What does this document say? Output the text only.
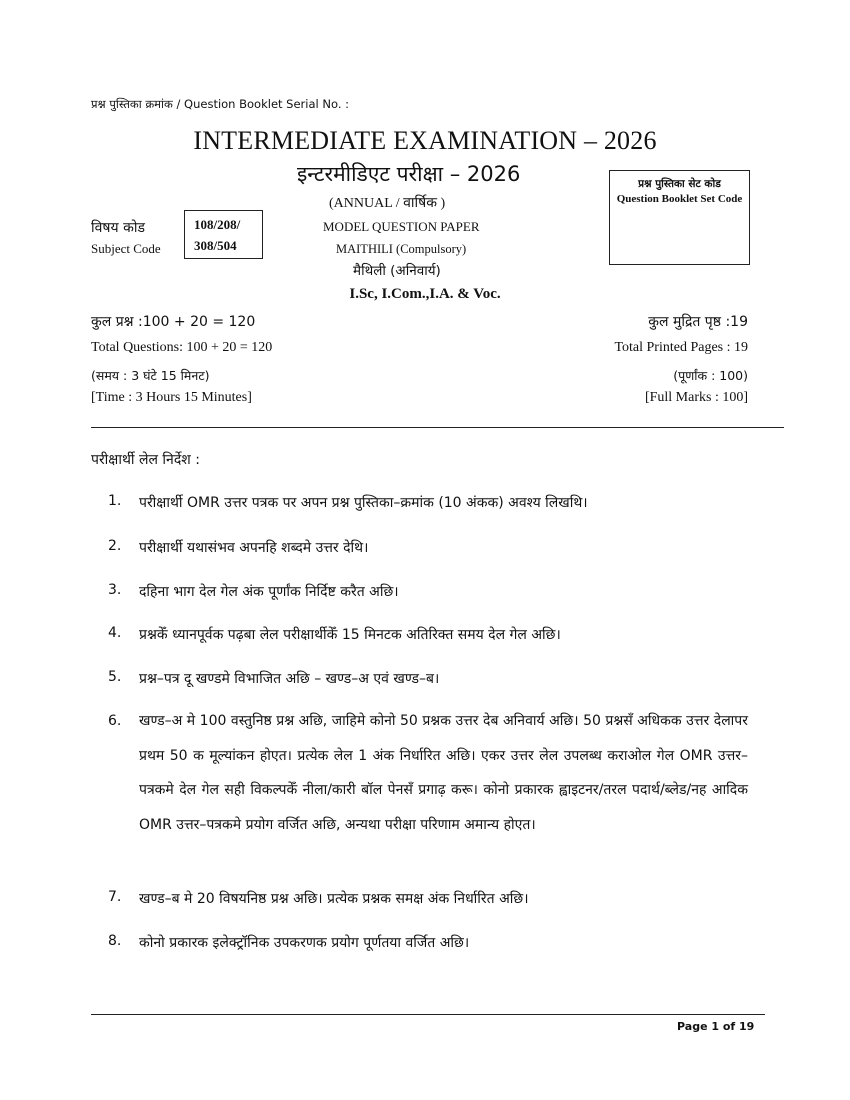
प्रश्न पुस्तिका क्रमांक / Question Booklet Serial No. :
INTERMEDIATE EXAMINATION – 2026
इन्टरमीडिएट परीक्षा – 2026
(ANNUAL / वार्षिक )
प्रश्न पुस्तिका सेट कोड
Question Booklet Set Code
विषय कोड
Subject Code
108/208/
308/504
MODEL QUESTION PAPER
MAITHILI (Compulsory)
मैथिली (अनिवार्य)
I.Sc, I.Com.,I.A. & Voc.
कुल प्रश्न :100 + 20 = 120
Total Questions: 100 + 20 = 120
(समय : 3 घंटे 15 मिनट)
[Time : 3 Hours 15 Minutes]
कुल मुद्रित पृष्ठ :19
Total Printed Pages : 19
(पूर्णांक : 100)
[Full Marks : 100]
परीक्षार्थी लेल निर्देश :
1.	परीक्षार्थी OMR उत्तर पत्रक पर अपन प्रश्न पुस्तिका–क्रमांक (10 अंकक) अवश्य लिखथि।
2.	परीक्षार्थी यथासंभव अपनहि शब्दमे उत्तर देथि।
3.	दहिना भाग देल गेल अंक पूर्णांक निर्दिष्ट करैत अछि।
4.	प्रश्नकेँ ध्यानपूर्वक पढ़बा लेल परीक्षार्थीकेँ 15 मिनटक अतिरिक्त समय देल गेल अछि।
5.	प्रश्न–पत्र दू खण्डमे विभाजित अछि – खण्ड–अ एवं खण्ड–ब।
6.	खण्ड–अ मे 100 वस्तुनिष्ठ प्रश्न अछि, जाहिमे कोनो 50 प्रश्नक उत्तर देब अनिवार्य अछि। 50 प्रश्नसँ अधिकक उत्तर देलापर प्रथम 50 क मूल्यांकन होएत। प्रत्येक लेल 1 अंक निर्धारित अछि। एकर उत्तर लेल उपलब्ध कराओल गेल OMR उत्तर–पत्रकमे देल गेल सही विकल्पकेँ नीला/कारी बॉल पेनसँ प्रगाढ़ करू। कोनो प्रकारक ह्वाइटनर/तरल पदार्थ/ब्लेड/नह आदिक OMR उत्तर–पत्रकमे प्रयोग वर्जित अछि, अन्यथा परीक्षा परिणाम अमान्य होएत।
7.	खण्ड–ब मे 20 विषयनिष्ठ प्रश्न अछि। प्रत्येक प्रश्नक समक्ष अंक निर्धारित अछि।
8.	कोनो प्रकारक इलेक्ट्रॉनिक उपकरणक प्रयोग पूर्णतया वर्जित अछि।
Page 1 of 19
